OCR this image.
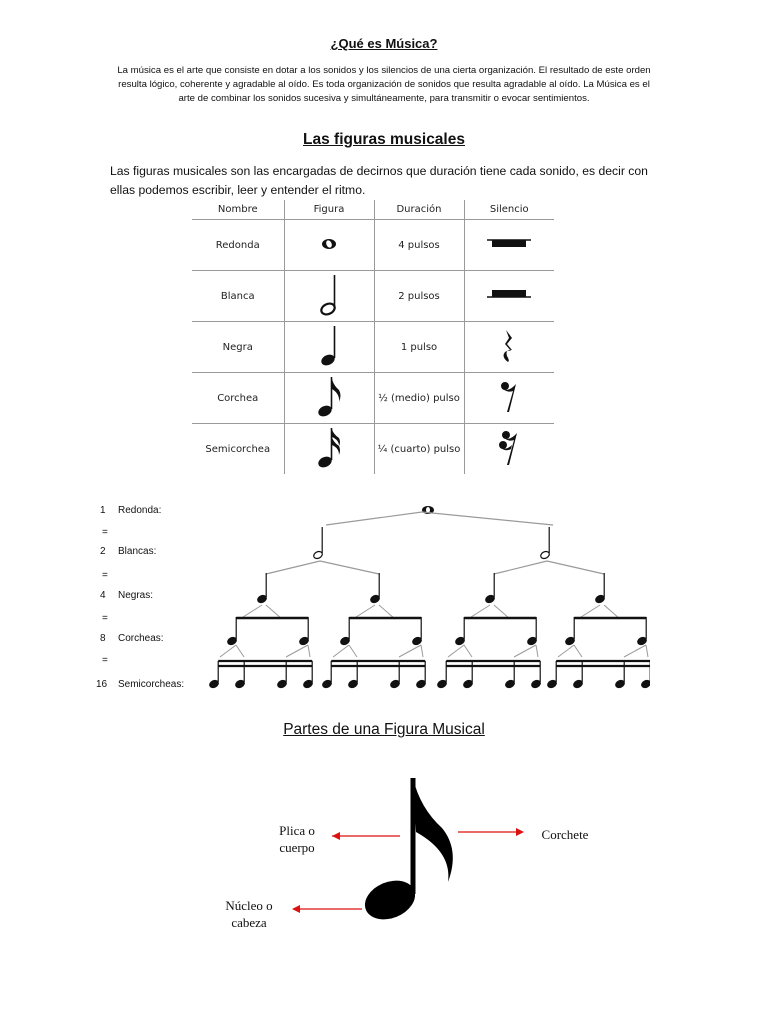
¿Qué es Música?
La música es el arte que consiste en dotar a los sonidos y los silencios de una cierta organización. El resultado de este orden resulta lógico, coherente y agradable al oído. Es toda organización de sonidos que resulta agradable al oído. La Música es el arte de combinar los sonidos sucesiva y simultáneamente, para transmitir o evocar sentimientos.
Las figuras musicales
Las figuras musicales son las encargadas de decirnos que duración tiene cada sonido, es decir con ellas podemos escribir, leer y entender el ritmo.
Nombre	Figura	Duración	Silencio
Redonda		4 pulsos	
Blanca		2 pulsos	
Negra		1 pulso	
Corchea		½ (medio) pulso	
Semicorchea		¼ (cuarto) pulso	
1 Redonda:
=
2 Blancas:
=
4 Negras:
=
8 Corcheas:
=
16 Semicorcheas:
Partes de una Figura Musical
Plica o cuerpo
Corchete
Núcleo o cabeza
